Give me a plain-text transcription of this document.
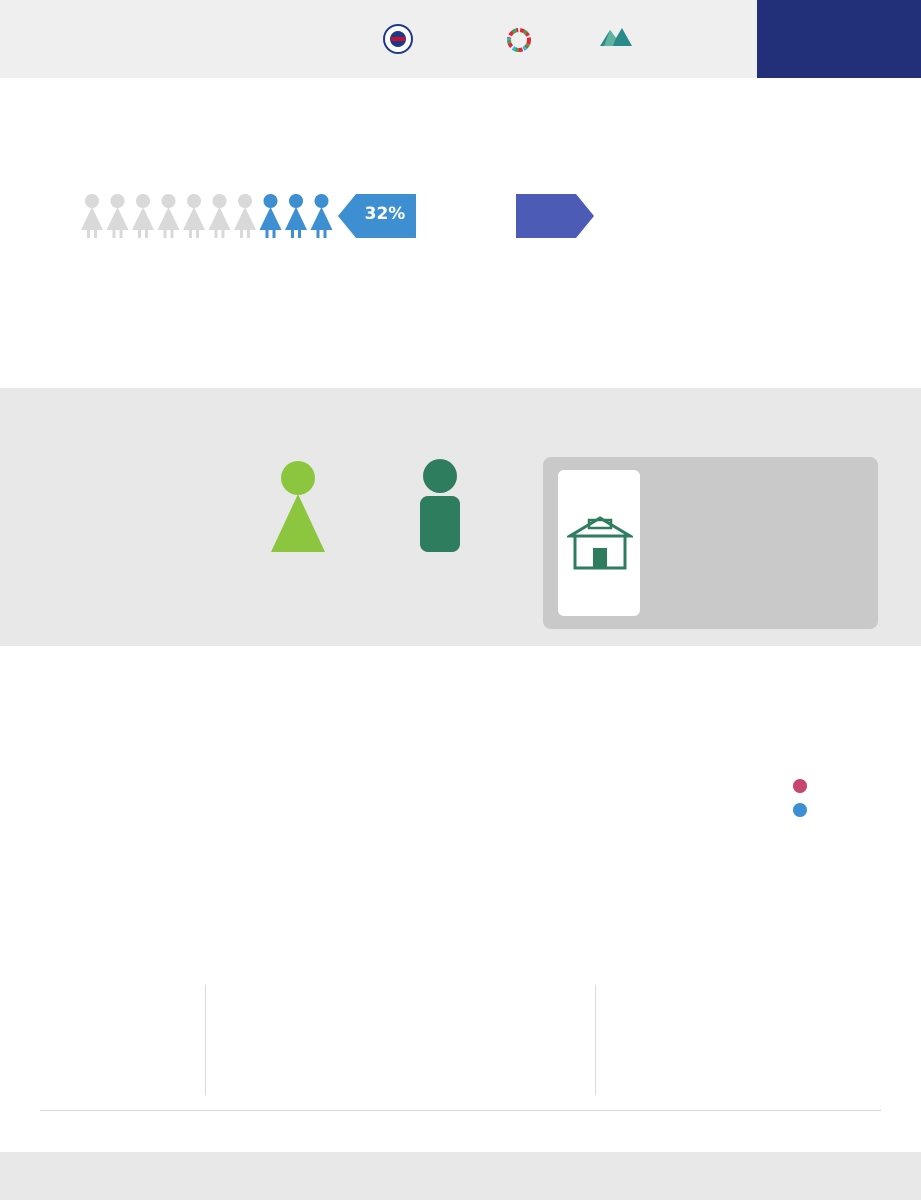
32%
